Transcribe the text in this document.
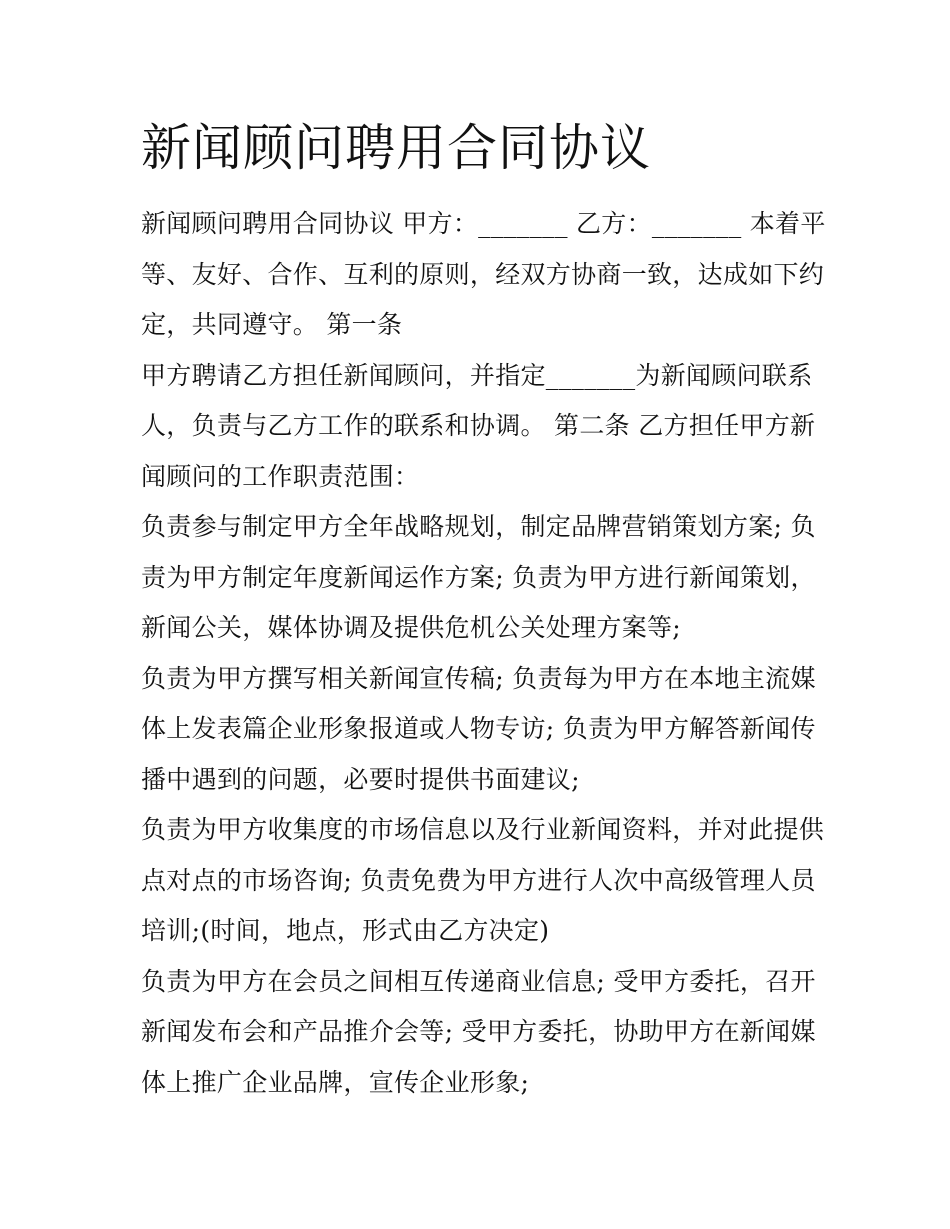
新闻顾问聘用合同协议

新闻顾问聘用合同协议 甲方：_______ 乙方：_______ 本着平

等、友好、合作、互利的原则，经双方协商一致，达成如下约

定，共同遵守。 第一条

甲方聘请乙方担任新闻顾问，并指定_______为新闻顾问联系

人，负责与乙方工作的联系和协调。 第二条 乙方担任甲方新

闻顾问的工作职责范围：

负责参与制定甲方全年战略规划，制定品牌营销策划方案; 负

责为甲方制定年度新闻运作方案; 负责为甲方进行新闻策划，

新闻公关，媒体协调及提供危机公关处理方案等;

负责为甲方撰写相关新闻宣传稿; 负责每为甲方在本地主流媒

体上发表篇企业形象报道或人物专访; 负责为甲方解答新闻传

播中遇到的问题，必要时提供书面建议;

负责为甲方收集度的市场信息以及行业新闻资料，并对此提供

点对点的市场咨询; 负责免费为甲方进行人次中高级管理人员

培训;(时间，地点，形式由乙方决定)

负责为甲方在会员之间相互传递商业信息; 受甲方委托，召开

新闻发布会和产品推介会等; 受甲方委托，协助甲方在新闻媒

体上推广企业品牌，宣传企业形象;
